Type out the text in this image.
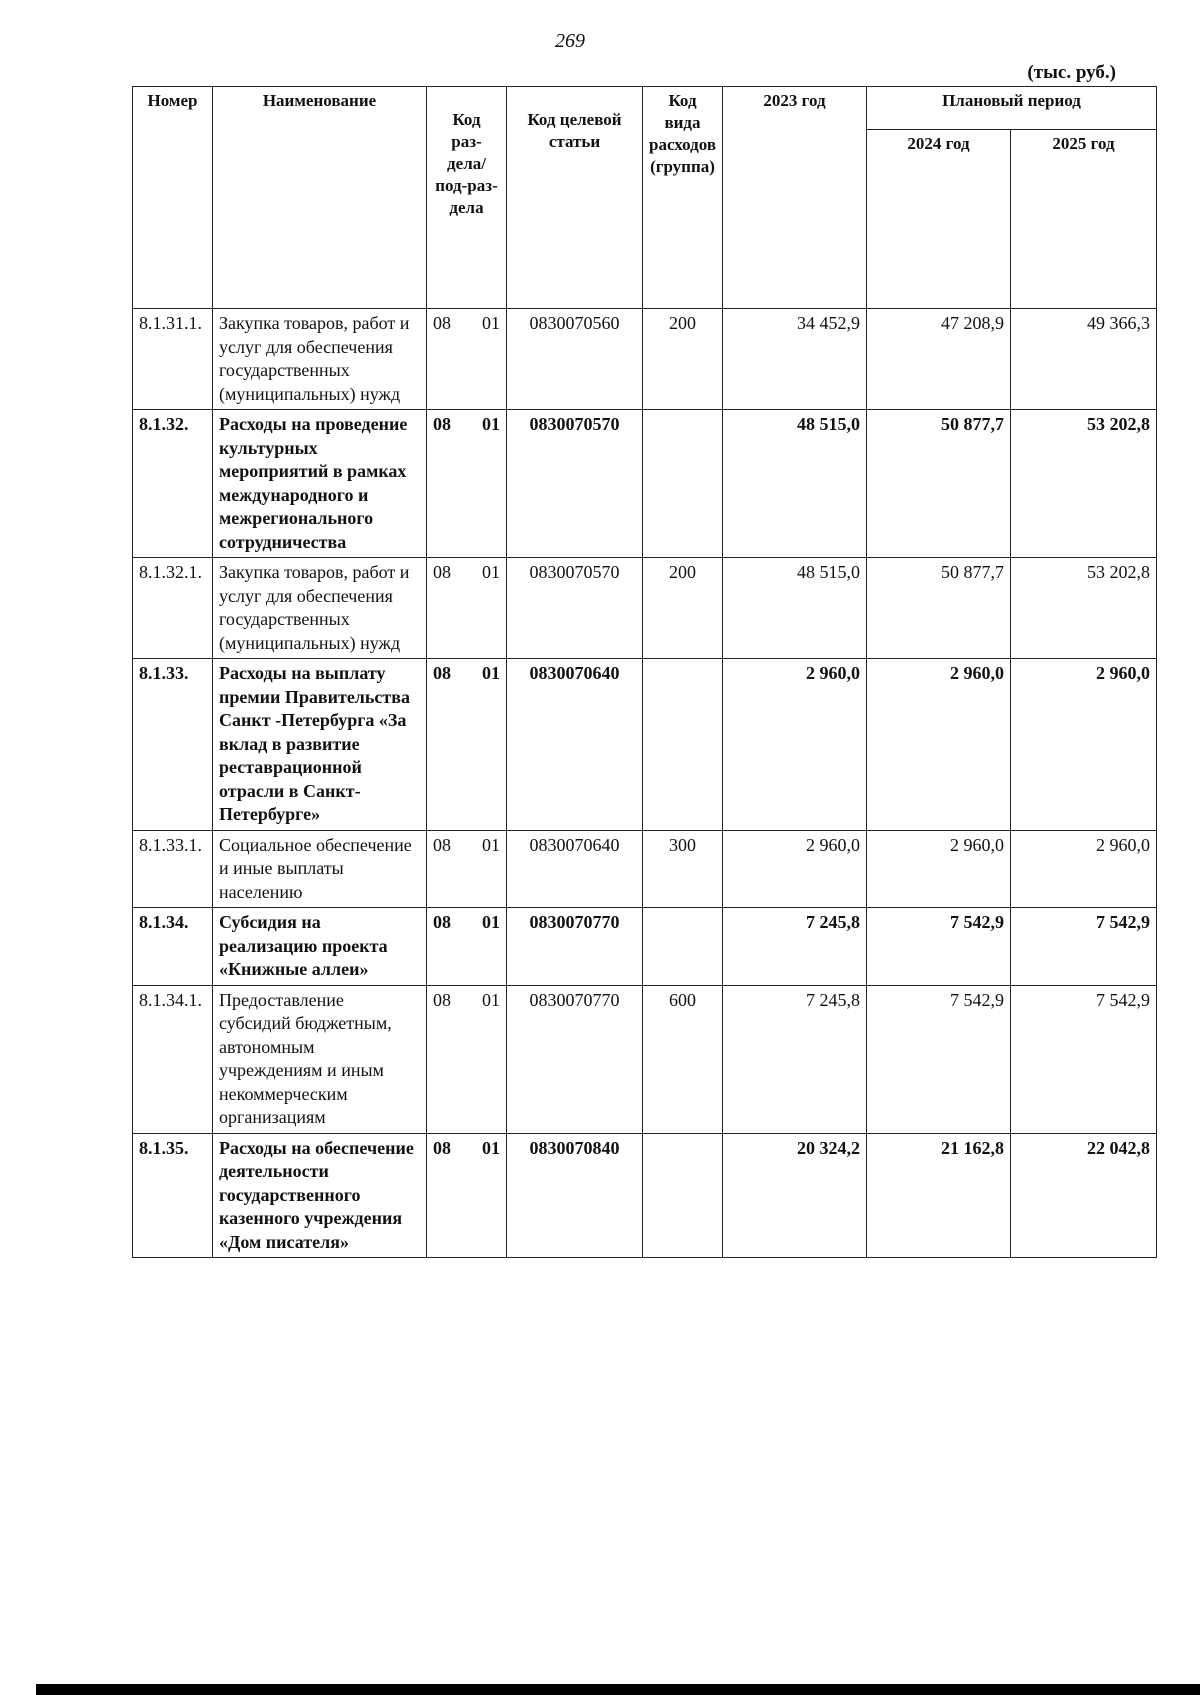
269
(тыс. руб.)
Номер	Наименование	Код раз-дела/ под-раз-дела	Код целевой статьи	Код вида расходов (группа)	2023 год	Плановый период	
						2024 год	2025 год
8.1.31.1.	Закупка товаров, работ и услуг для обеспечения государственных (муниципальных) нужд	08 01	0830070560	200	34 452,9	47 208,9	49 366,3
8.1.32.	Расходы на проведение культурных мероприятий в рамках международного и межрегионального сотрудничества	08 01	0830070570		48 515,0	50 877,7	53 202,8
8.1.32.1.	Закупка товаров, работ и услуг для обеспечения государственных (муниципальных) нужд	08 01	0830070570	200	48 515,0	50 877,7	53 202,8
8.1.33.	Расходы на выплату премии Правительства Санкт -Петербурга «За вклад в развитие реставрационной отрасли в Санкт-Петербурге»	08 01	0830070640		2 960,0	2 960,0	2 960,0
8.1.33.1.	Социальное обеспечение и иные выплаты населению	08 01	0830070640	300	2 960,0	2 960,0	2 960,0
8.1.34.	Субсидия на реализацию проекта «Книжные аллеи»	08 01	0830070770		7 245,8	7 542,9	7 542,9
8.1.34.1.	Предоставление субсидий бюджетным, автономным учреждениям и иным некоммерческим организациям	08 01	0830070770	600	7 245,8	7 542,9	7 542,9
8.1.35.	Расходы на обеспечение деятельности государственного казенного учреждения «Дом писателя»	08 01	0830070840		20 324,2	21 162,8	22 042,8
